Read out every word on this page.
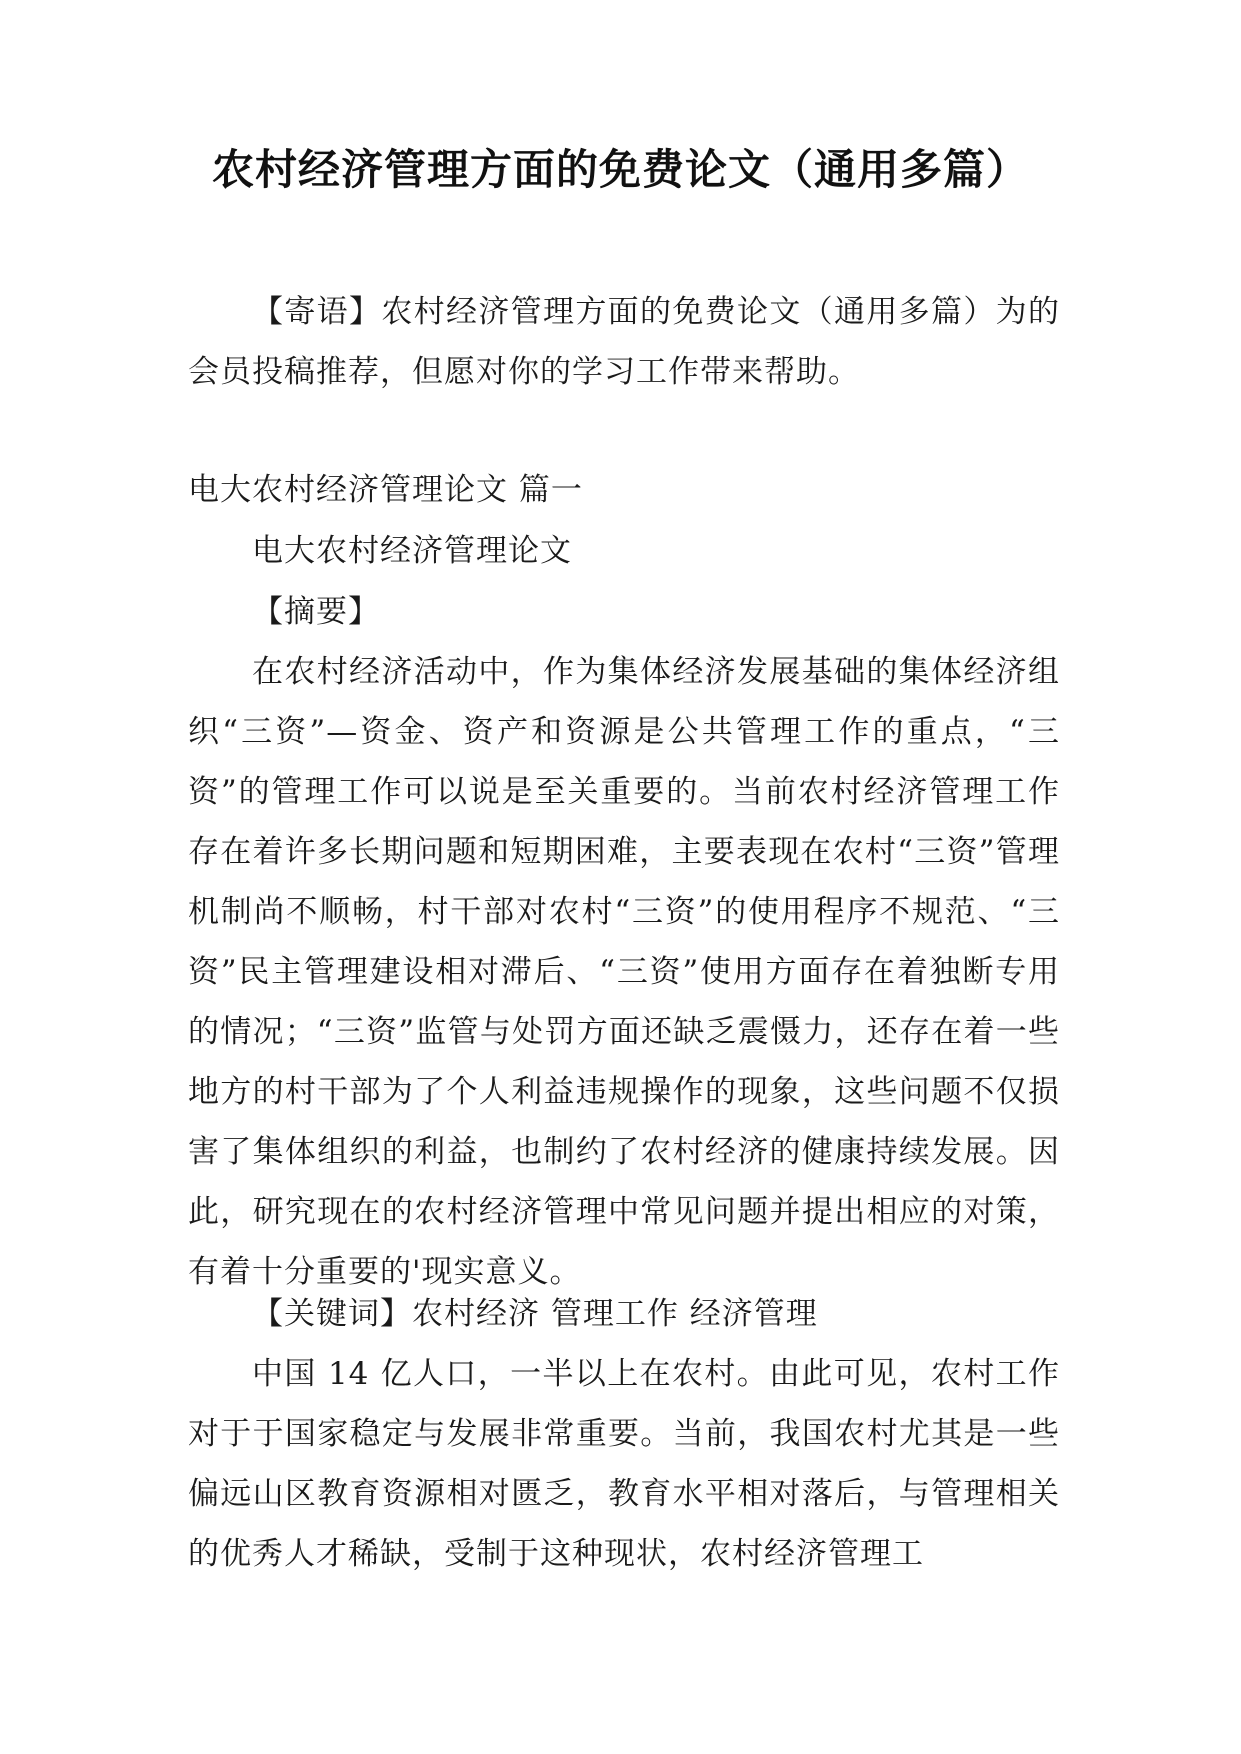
农村经济管理方面的免费论文（通用多篇）

【寄语】农村经济管理方面的免费论文（通用多篇）为的会员投稿推荐，但愿对你的学习工作带来帮助。

电大农村经济管理论文 篇一

电大农村经济管理论文

【摘要】

在农村经济活动中，作为集体经济发展基础的集体经济组织“三资”—资金、资产和资源是公共管理工作的重点，“三资”的管理工作可以说是至关重要的。当前农村经济管理工作存在着许多长期问题和短期困难，主要表现在农村“三资”管理机制尚不顺畅，村干部对农村“三资”的使用程序不规范、“三资”民主管理建设相对滞后、“三资”使用方面存在着独断专用的情况；“三资”监管与处罚方面还缺乏震慑力，还存在着一些地方的村干部为了个人利益违规操作的现象，这些问题不仅损害了集体组织的利益，也制约了农村经济的健康持续发展。因此，研究现在的农村经济管理中常见问题并提出相应的对策，有着十分重要的'现实意义。

【关键词】农村经济 管理工作 经济管理

中国 14 亿人口，一半以上在农村。由此可见，农村工作对于于国家稳定与发展非常重要。当前，我国农村尤其是一些偏远山区教育资源相对匮乏，教育水平相对落后，与管理相关的优秀人才稀缺，受制于这种现状，农村经济管理工
